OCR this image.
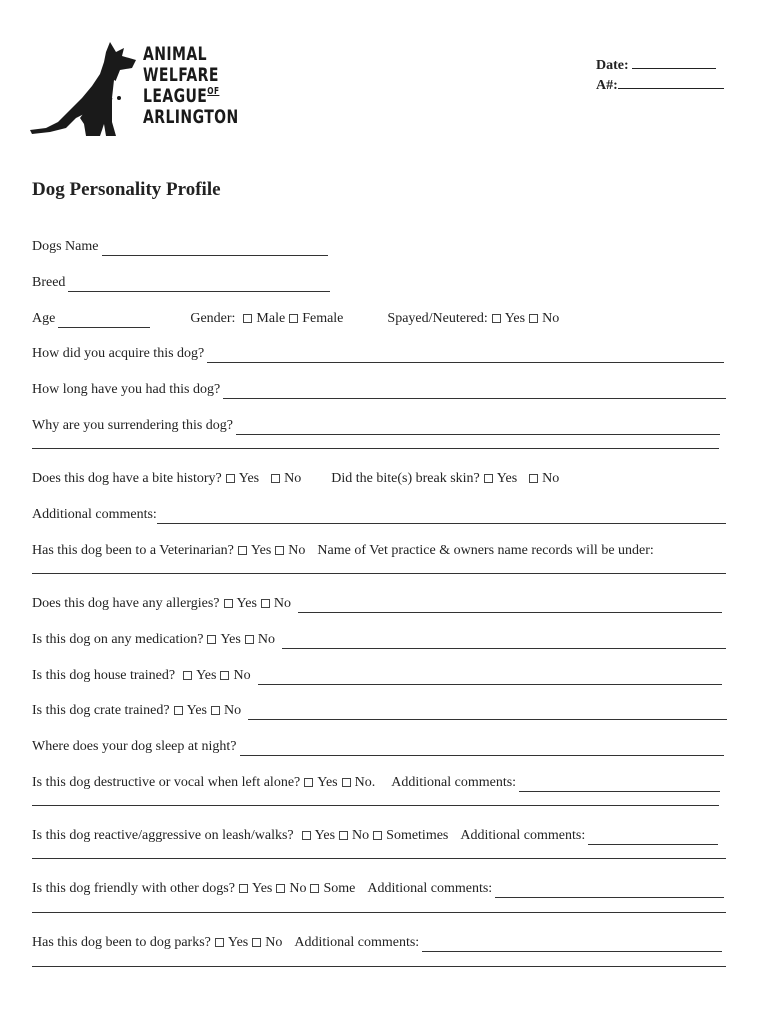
ANIMAL
WELFARE
$LEAGUE^{OF}$
ARLINGTON
Date:
A#:
Dog Personality Profile
Dogs Name
Breed
Age	Gender: Male Female	Spayed/Neutered: Yes No
How did you acquire this dog?
How long have you had this dog?
Why are you surrendering this dog?
Does this dog have a bite history? Yes No Did the bite(s) break skin? Yes No
Additional comments:
Has this dog been to a Veterinarian? Yes No Name of Vet practice & owners name records will be under:
Does this dog have any allergies? Yes No
Is this dog on any medication? Yes No
Is this dog house trained? Yes No
Is this dog crate trained? Yes No
Where does your dog sleep at night?
Is this dog destructive or vocal when left alone? Yes No. Additional comments:
Is this dog reactive/aggressive on leash/walks? Yes No Sometimes Additional comments:
Is this dog friendly with other dogs? Yes No Some Additional comments:
Has this dog been to dog parks? Yes No Additional comments:
